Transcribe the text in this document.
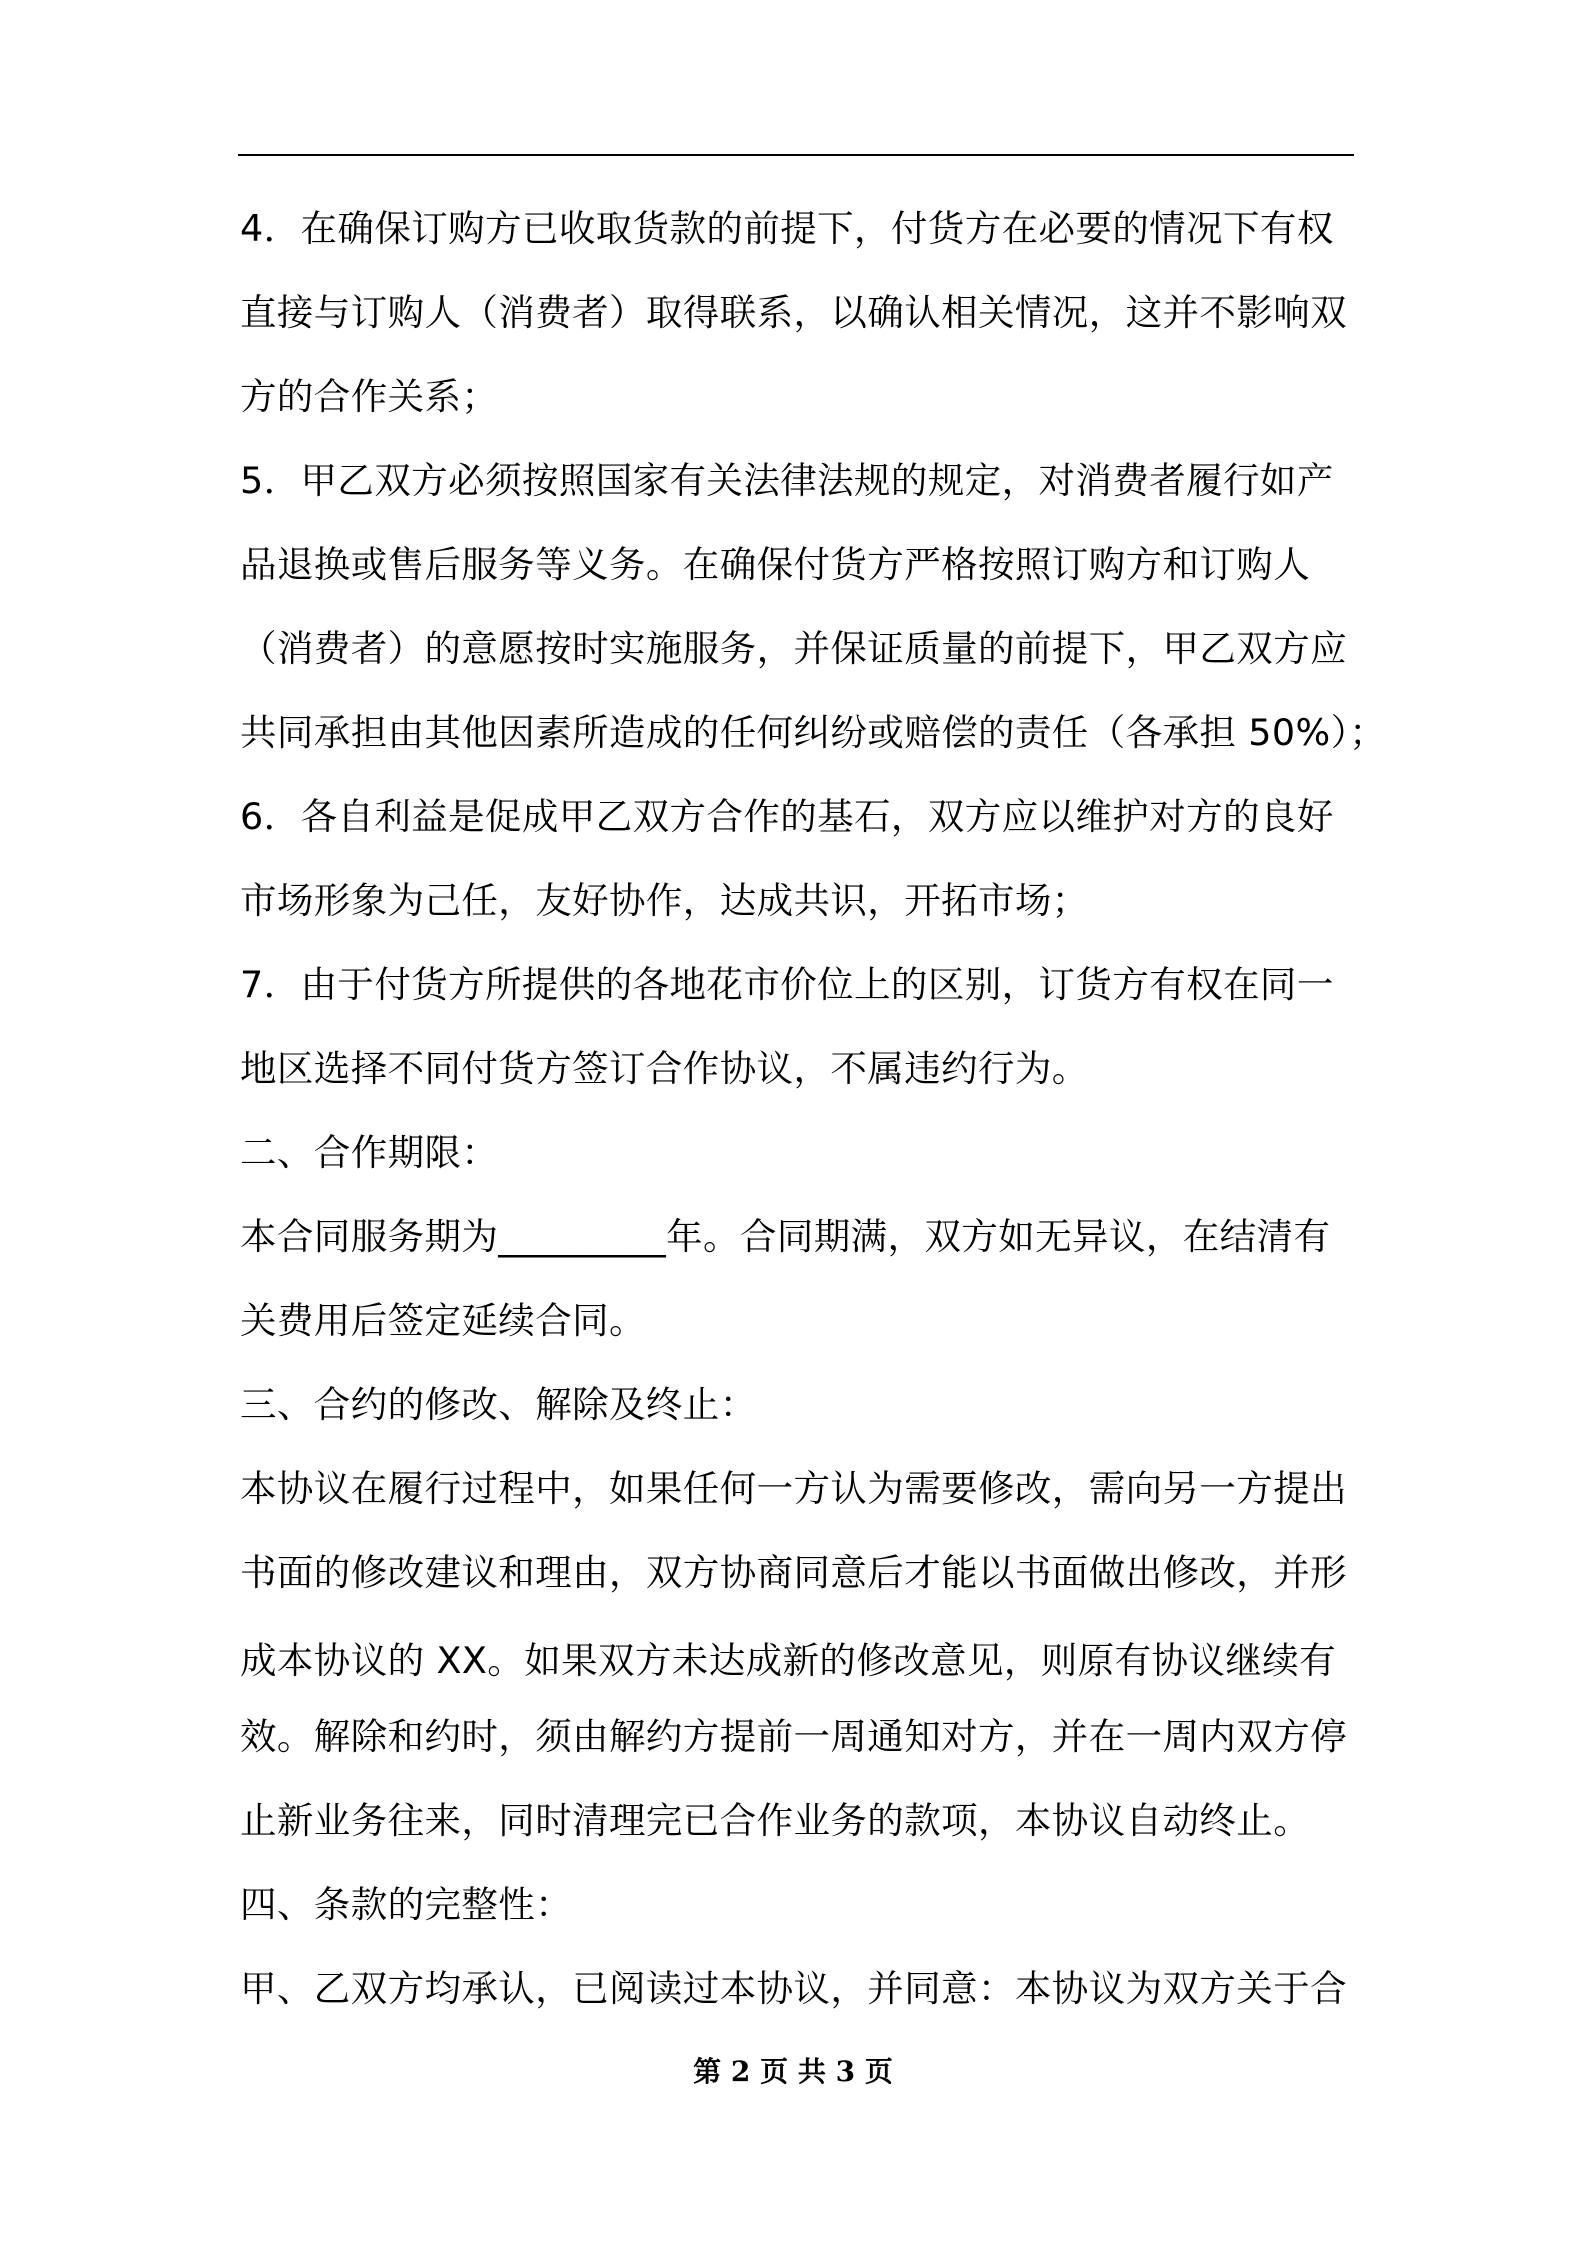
4．在确保订购方已收取货款的前提下，付货方在必要的情况下有权
直接与订购人（消费者）取得联系，以确认相关情况，这并不影响双
方的合作关系；
5．甲乙双方必须按照国家有关法律法规的规定，对消费者履行如产
品退换或售后服务等义务。在确保付货方严格按照订购方和订购人
（消费者）的意愿按时实施服务，并保证质量的前提下，甲乙双方应
共同承担由其他因素所造成的任何纠纷或赔偿的责任（各承担 50%）；
6．各自利益是促成甲乙双方合作的基石，双方应以维护对方的良好
市场形象为己任，友好协作，达成共识，开拓市场；
7．由于付货方所提供的各地花市价位上的区别，订货方有权在同一
地区选择不同付货方签订合作协议，不属违约行为。
二、合作期限：
本合同服务期为_________年。合同期满，双方如无异议，在结清有
关费用后签定延续合同。
三、合约的修改、解除及终止：
本协议在履行过程中，如果任何一方认为需要修改，需向另一方提出
书面的修改建议和理由，双方协商同意后才能以书面做出修改，并形
成本协议的 XX。如果双方未达成新的修改意见，则原有协议继续有
效。解除和约时，须由解约方提前一周通知对方，并在一周内双方停
止新业务往来，同时清理完已合作业务的款项，本协议自动终止。
四、条款的完整性：
甲、乙双方均承认，已阅读过本协议，并同意：本协议为双方关于合
第 2 页 共 3 页
